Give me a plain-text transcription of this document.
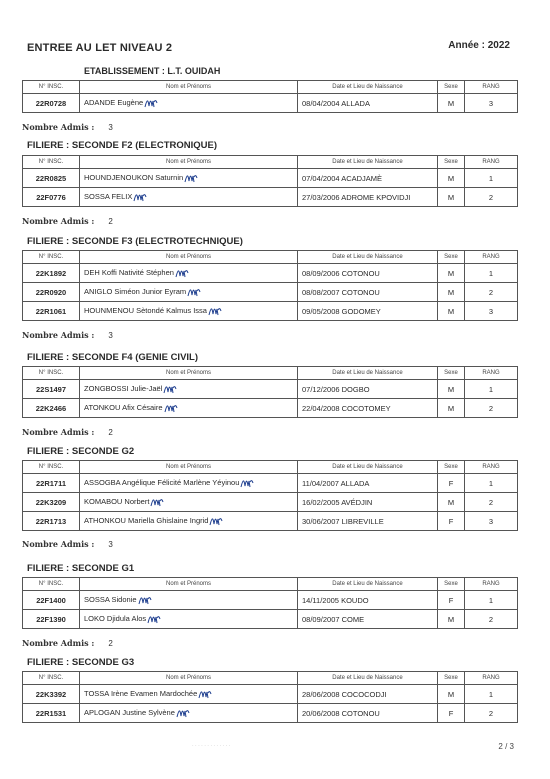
ENTREE AU LET NIVEAU 2	Année : 2022
ETABLISSEMENT : L.T. OUIDAH
N° INSC.	Nom et Prénoms	Date et Lieu de Naissance	Sexe	RANG
22R0728	ADANDE Eugène	08/04/2004 ALLADA	M	3
Nombre Admis : 3
FILIERE : SECONDE F2 (ELECTRONIQUE)
N° INSC.	Nom et Prénoms	Date et Lieu de Naissance	Sexe	RANG
22R0825	HOUNDJENOUKON Saturnin	07/04/2004 ACADJAMÈ	M	1
22F0776	SOSSA FELIX	27/03/2006 ADROME KPOVIDJI	M	2
Nombre Admis : 2
FILIERE : SECONDE F3 (ELECTROTECHNIQUE)
N° INSC.	Nom et Prénoms	Date et Lieu de Naissance	Sexe	RANG
22K1892	DEH Koffi Nativité Stéphen	08/09/2006 COTONOU	M	1
22R0920	ANIGLO Siméon Junior Eyram	08/08/2007 COTONOU	M	2
22R1061	HOUNMENOU Sètondé Kalmus Issa	09/05/2008 GODOMEY	M	3
Nombre Admis : 3
FILIERE : SECONDE F4 (GENIE CIVIL)
N° INSC.	Nom et Prénoms	Date et Lieu de Naissance	Sexe	RANG
22S1497	ZONGBOSSI Julie-Jaël	07/12/2006 DOGBO	M	1
22K2466	ATONKOU Afix Césaire	22/04/2008 COCOTOMEY	M	2
Nombre Admis : 2
FILIERE : SECONDE G2
N° INSC.	Nom et Prénoms	Date et Lieu de Naissance	Sexe	RANG
22R1711	ASSOGBA Angélique Félicité Marlène Yéyinou	11/04/2007 ALLADA	F	1
22K3209	KOMABOU Norbert	16/02/2005 AVÉDJIN	M	2
22R1713	ATHONKOU Mariella Ghislaine Ingrid	30/06/2007 LIBREVILLE	F	3
Nombre Admis : 3
FILIERE : SECONDE G1
N° INSC.	Nom et Prénoms	Date et Lieu de Naissance	Sexe	RANG
22F1400	SOSSA Sidonie	14/11/2005 KOUDO	F	1
22F1390	LOKO Djidula Alos	08/09/2007 COME	M	2
Nombre Admis : 2
FILIERE : SECONDE G3
N° INSC.	Nom et Prénoms	Date et Lieu de Naissance	Sexe	RANG
22K3392	TOSSA Irène Evamen Mardochée	28/06/2008 COCOCODJI	M	1
22R1531	APLOGAN Justine Sylvène	20/06/2008 COTONOU	F	2
· · · · · · · · · · · · ·	2 / 3
